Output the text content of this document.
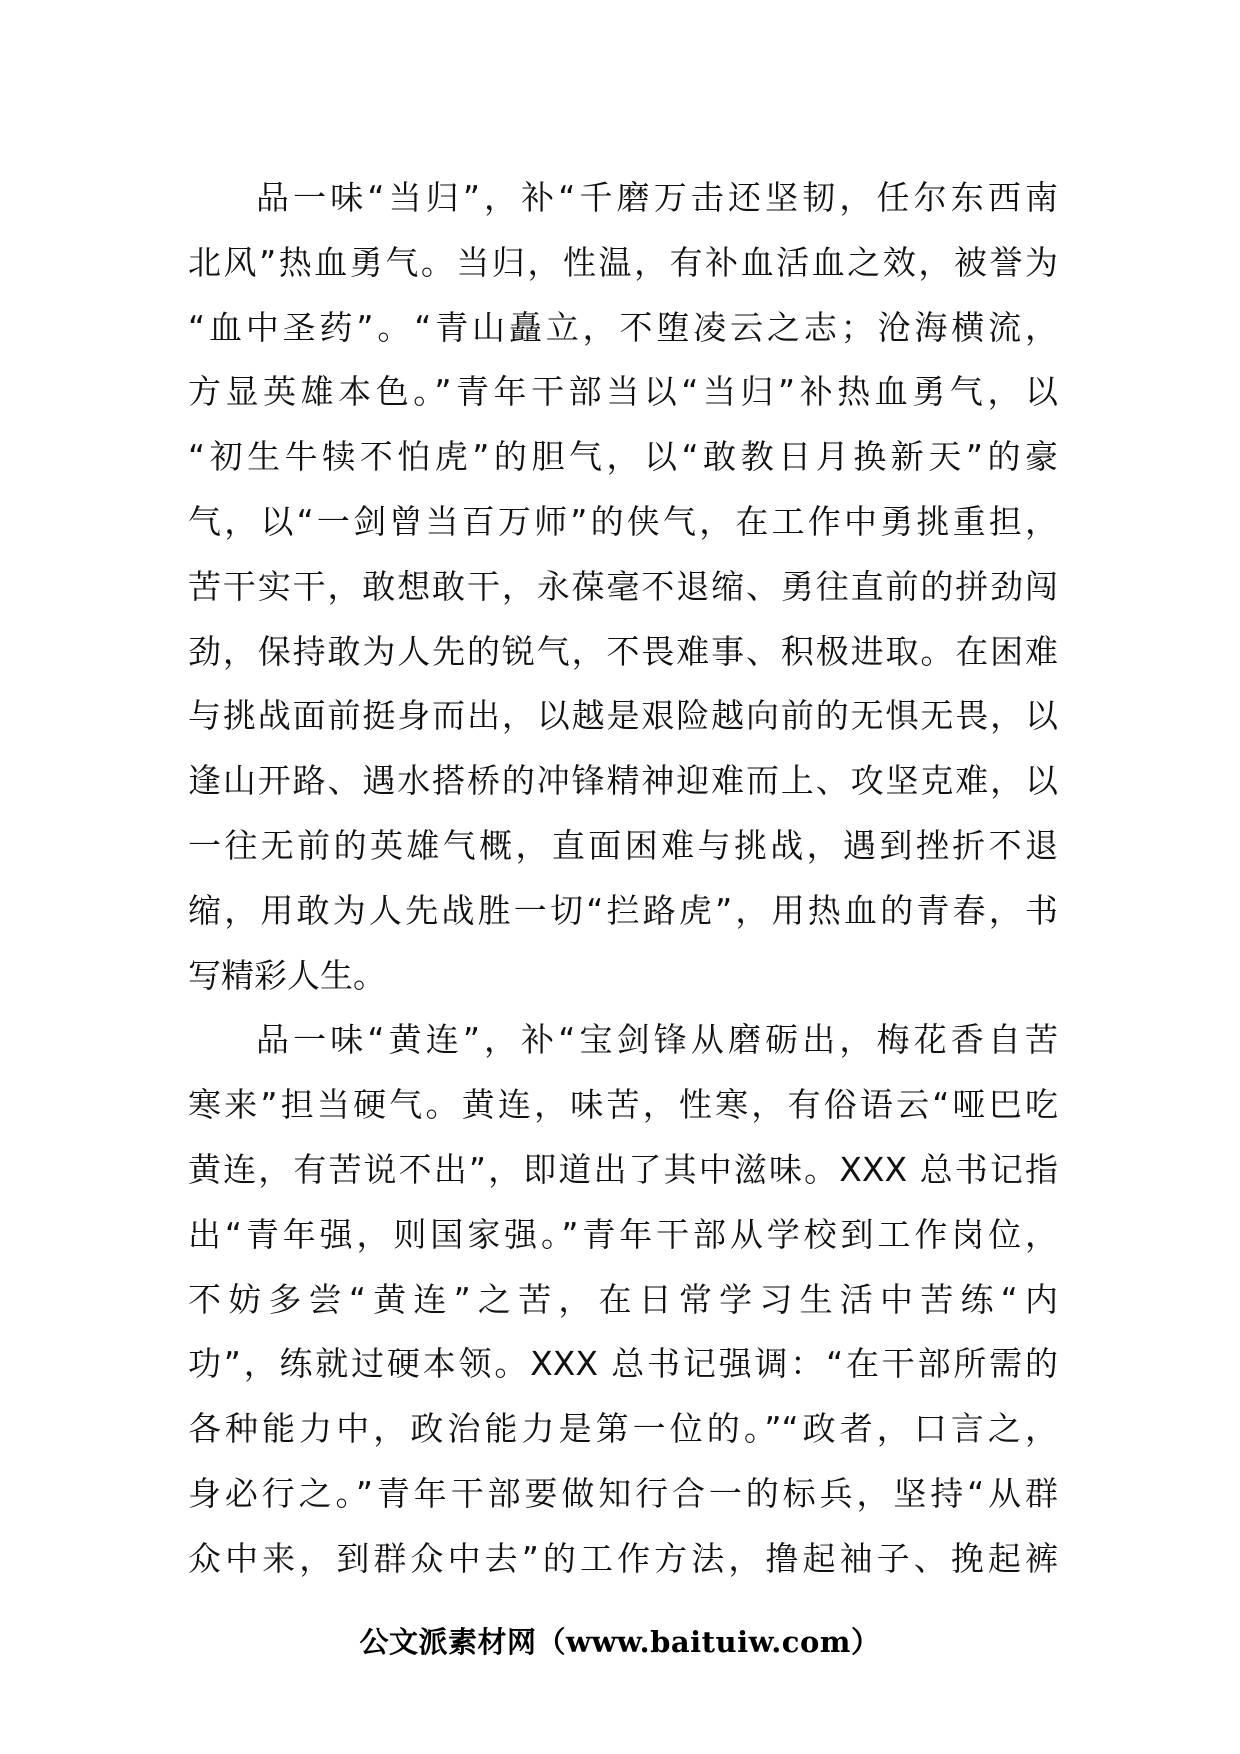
品一味“当归”，补“千磨万击还坚韧，任尔东西南
北风”热血勇气。当归，性温，有补血活血之效，被誉为
“血中圣药”。“青山矗立，不堕凌云之志；沧海横流，
方显英雄本色。”青年干部当以“当归”补热血勇气，以
“初生牛犊不怕虎”的胆气，以“敢教日月换新天”的豪
气，以“一剑曾当百万师”的侠气，在工作中勇挑重担，
苦干实干，敢想敢干，永葆毫不退缩、勇往直前的拼劲闯
劲，保持敢为人先的锐气，不畏难事、积极进取。在困难
与挑战面前挺身而出，以越是艰险越向前的无惧无畏，以
逢山开路、遇水搭桥的冲锋精神迎难而上、攻坚克难，以
一往无前的英雄气概，直面困难与挑战，遇到挫折不退
缩，用敢为人先战胜一切“拦路虎”，用热血的青春，书
写精彩人生。
品一味“黄连”，补“宝剑锋从磨砺出，梅花香自苦
寒来”担当硬气。黄连，味苦，性寒，有俗语云“哑巴吃
黄连，有苦说不出”，即道出了其中滋味。XXX 总书记指
出“青年强，则国家强。”青年干部从学校到工作岗位，
不妨多尝“黄连”之苦，在日常学习生活中苦练“内
功”，练就过硬本领。XXX 总书记强调：“在干部所需的
各种能力中，政治能力是第一位的。”“政者，口言之，
身必行之。”青年干部要做知行合一的标兵，坚持“从群
众中来，到群众中去”的工作方法，撸起袖子、挽起裤
公文派素材网（www.baituiw.com）
